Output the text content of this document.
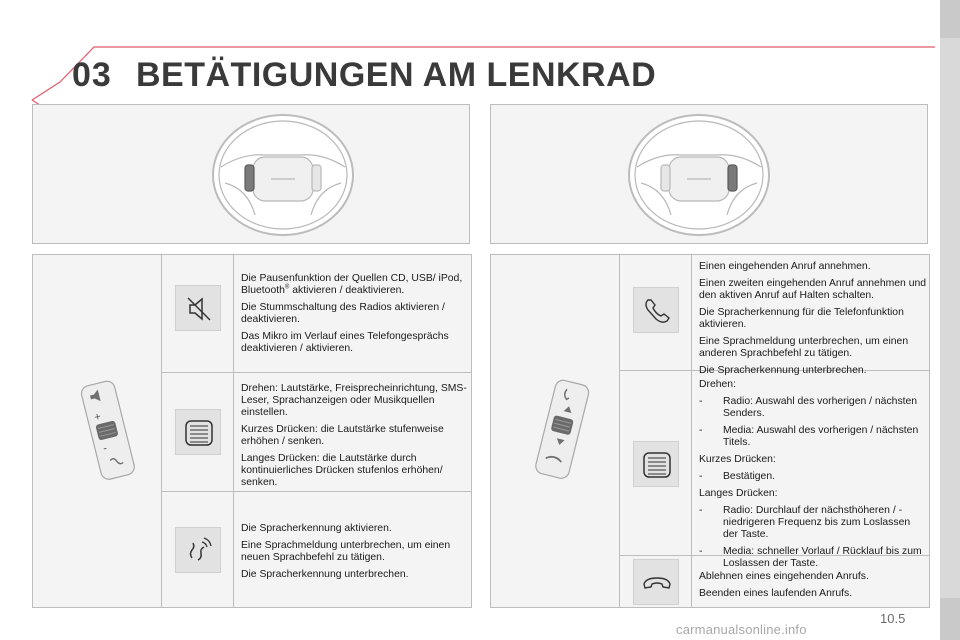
03 BETÄTIGUNGEN AM LENKRAD
+
-

Die Pausenfunktion der Quellen CD, USB/ iPod, Bluetooth® aktivieren / deaktivieren.

Die Stummschaltung des Radios aktivieren / deaktivieren.

Das Mikro im Verlauf eines Telefongesprächs deaktivieren / aktivieren.

Drehen: Lautstärke, Freisprecheinrichtung, SMS-Leser, Sprachanzeigen oder Musikquellen einstellen.

Kurzes Drücken: die Lautstärke stufenweise erhöhen / senken.

Langes Drücken: die Lautstärke durch kontinuierliches Drücken stufenlos erhöhen/ senken.

Die Spracherkennung aktivieren.

Eine Sprachmeldung unterbrechen, um einen neuen Sprachbefehl zu tätigen.

Die Spracherkennung unterbrechen.

Einen eingehenden Anruf annehmen.

Einen zweiten eingehenden Anruf annehmen und den aktiven Anruf auf Halten schalten.

Die Spracherkennung für die Telefonfunktion aktivieren.

Eine Sprachmeldung unterbrechen, um einen anderen Sprachbefehl zu tätigen.

Die Spracherkennung unterbrechen.

Drehen:

- Radio: Auswahl des vorherigen / nächsten Senders.
- Media: Auswahl des vorherigen / nächsten Titels.

Kurzes Drücken:

- Bestätigen.

Langes Drücken:

- Radio: Durchlauf der nächsthöheren / -niedrigeren Frequenz bis zum Loslassen der Taste.
- Media: schneller Vorlauf / Rücklauf bis zum Loslassen der Taste.

Ablehnen eines eingehenden Anrufs.

Beenden eines laufenden Anrufs.

10.5
carmanualsonline.info
